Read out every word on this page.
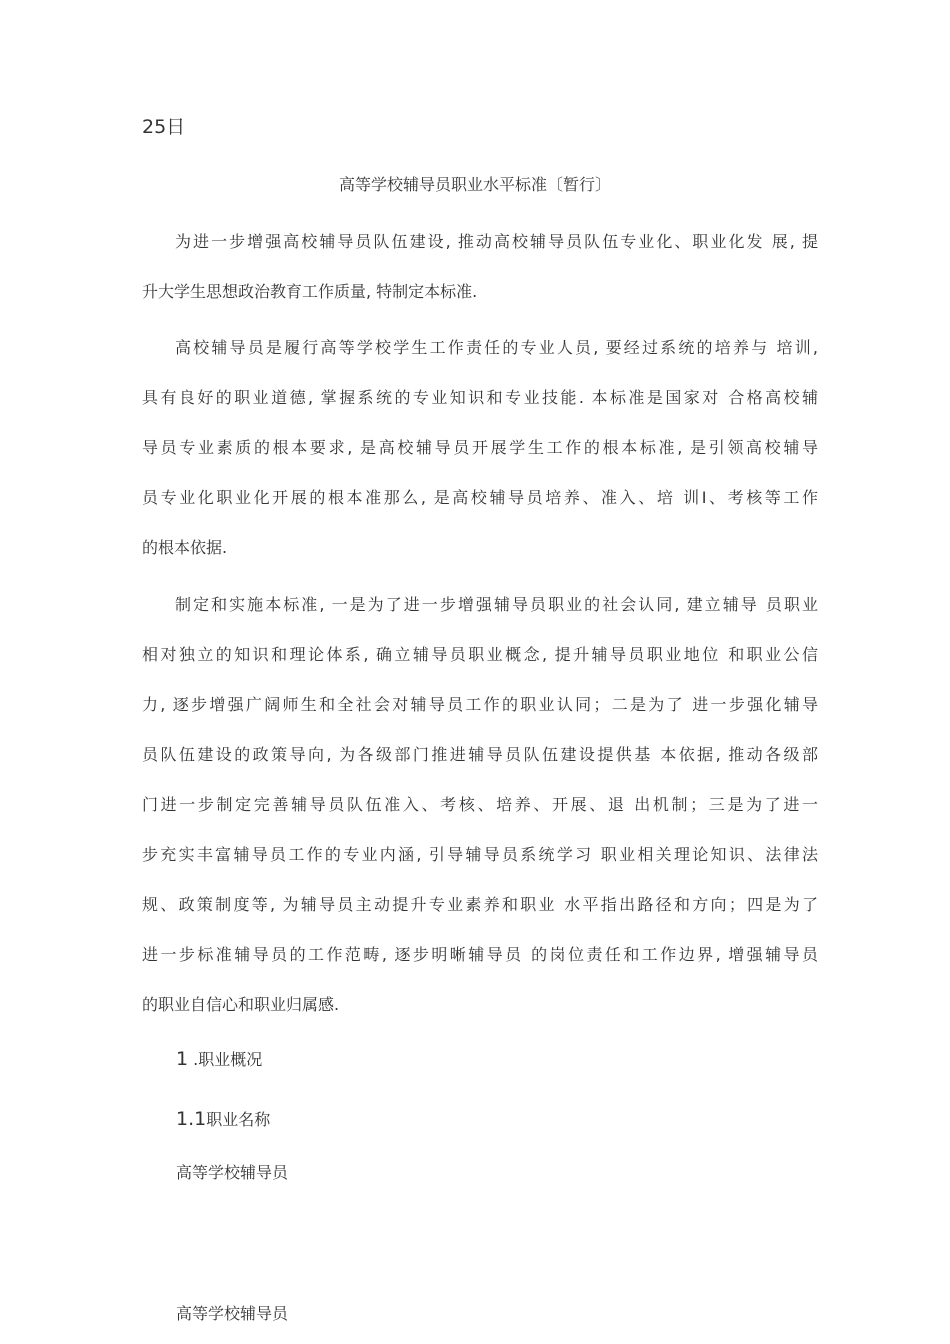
25日
高等学校辅导员职业水平标准〔暂行〕
为进一步增强高校辅导员队伍建设, 推动高校辅导员队伍专业化、职业化发 展, 提
升大学生思想政治教育工作质量, 特制定本标准.
高校辅导员是履行高等学校学生工作责任的专业人员, 要经过系统的培养与 培训,
具有良好的职业道德, 掌握系统的专业知识和专业技能. 本标准是国家对 合格高校辅
导员专业素质的根本要求, 是高校辅导员开展学生工作的根本标准, 是引领高校辅导
员专业化职业化开展的根本准那么, 是高校辅导员培养、准入、培 训I、考核等工作
的根本依据.
制定和实施本标准, 一是为了进一步增强辅导员职业的社会认同, 建立辅导 员职业
相对独立的知识和理论体系, 确立辅导员职业概念, 提升辅导员职业地位 和职业公信
力, 逐步增强广阔师生和全社会对辅导员工作的职业认同；二是为了 进一步强化辅导
员队伍建设的政策导向, 为各级部门推进辅导员队伍建设提供基 本依据, 推动各级部
门进一步制定完善辅导员队伍准入、考核、培养、开展、退 出机制；三是为了进一
步充实丰富辅导员工作的专业内涵, 引导辅导员系统学习 职业相关理论知识、法律法
规、政策制度等, 为辅导员主动提升专业素养和职业 水平指出路径和方向；四是为了
进一步标准辅导员的工作范畴, 逐步明晰辅导员 的岗位责任和工作边界, 增强辅导员
的职业自信心和职业归属感.
1 .职业概况
1.1职业名称
高等学校辅导员
高等学校辅导员
